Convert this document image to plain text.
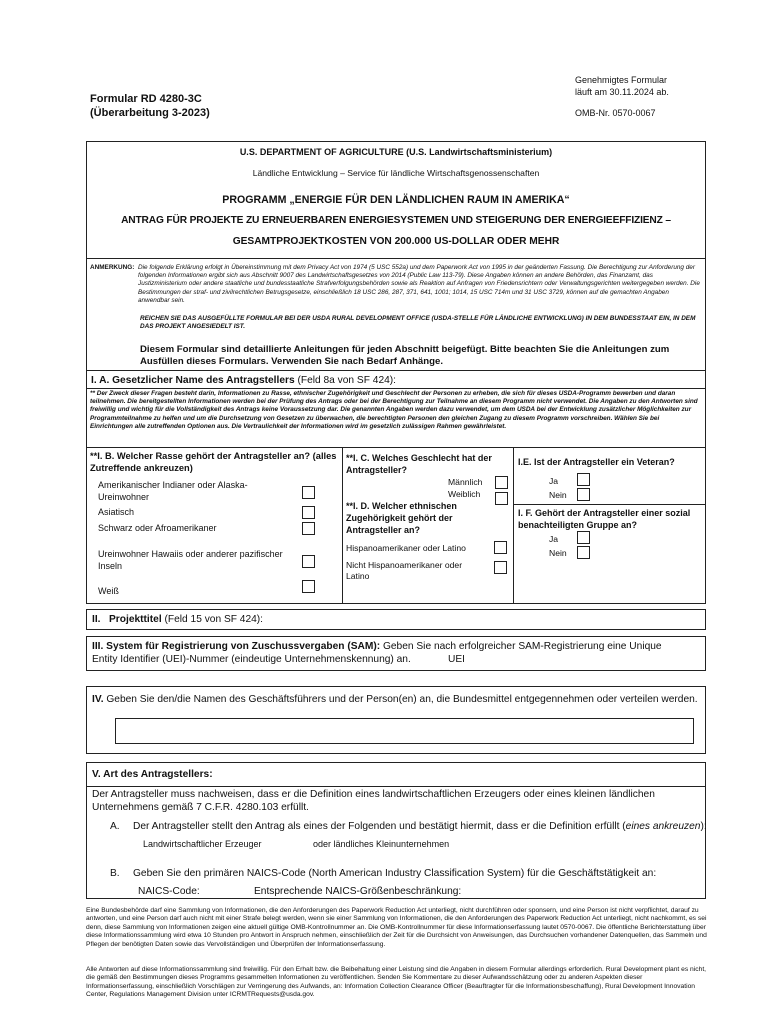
Formular RD 4280-3C
(Überarbeitung 3-2023)
Genehmigtes Formular
läuft am 30.11.2024 ab.
OMB-Nr. 0570-0067
U.S. DEPARTMENT OF AGRICULTURE (U.S. Landwirtschaftsministerium)
Ländliche Entwicklung – Service für ländliche Wirtschaftsgenossenschaften
PROGRAMM „ENERGIE FÜR DEN LÄNDLICHEN RAUM IN AMERIKA“
ANTRAG FÜR PROJEKTE ZU ERNEUERBAREN ENERGIESYSTEMEN UND STEIGERUNG DER ENERGIEEFFIZIENZ –
GESAMTPROJEKTKOSTEN VON 200.000 US-DOLLAR ODER MEHR
ANMERKUNG: Die folgende Erklärung erfolgt in Übereinstimmung mit dem Privacy Act von 1974 (5 USC 552a) und dem Paperwork Act von 1995 in der geänderten Fassung. Die Berechtigung zur Anforderung der folgenden Informationen ergibt sich aus Abschnitt 9007 des Landwirtschaftsgesetzes von 2014 (Public Law 113-79). Diese Angaben können an andere Behörden, das Finanzamt, das Justizministerium oder andere staatliche und bundesstaatliche Strafverfolgungsbehörden sowie als Reaktion auf Anfragen von Friedensrichtern oder Verwaltungsgerichten weitergegeben werden. Die Bestimmungen der straf- und zivilrechtlichen Betrugsgesetze, einschließlich 18 USC 286, 287, 371, 641, 1001; 1014, 15 USC 714m und 31 USC 3729, können auf die gemachten Angaben anwendbar sein.
REICHEN SIE DAS AUSGEFÜLLTE FORMULAR BEI DER USDA RURAL DEVELOPMENT OFFICE (USDA-STELLE FÜR LÄNDLICHE ENTWICKLUNG) IN DEM BUNDESSTAAT EIN, IN DEM DAS PROJEKT ANGESIEDELT IST.
Diesem Formular sind detaillierte Anleitungen für jeden Abschnitt beigefügt. Bitte beachten Sie die Anleitungen zum Ausfüllen dieses Formulars. Verwenden Sie nach Bedarf Anhänge.
I. A. Gesetzlicher Name des Antragstellers (Feld 8a von SF 424):
** Der Zweck dieser Fragen besteht darin, Informationen zu Rasse, ethnischer Zugehörigkeit und Geschlecht der Personen zu erheben, die sich für dieses USDA-Programm bewerben und daran teilnehmen. Die bereitgestellten Informationen werden bei der Prüfung des Antrags oder bei der Berechtigung zur Teilnahme an diesem Programm nicht verwendet. Die Angaben zu den Antworten sind freiwillig und wichtig für die Vollständigkeit des Antrags keine Voraussetzung dar. Die genannten Angaben werden dazu verwendet, um dem USDA bei der Entwicklung zusätzlicher Möglichkeiten zur Programmteilnahme zu helfen und um die Durchsetzung von Gesetzen zu überwachen, die berechtigten Personen den gleichen Zugang zu diesem Programm vorschreiben. Wählen Sie bei Einrichtungen alle zutreffenden Optionen aus. Die Vertraulichkeit der Informationen wird im gesetzlich zulässigen Rahmen gewährleistet.
**I. B. Welcher Rasse gehört der Antragsteller an? (alles Zutreffende ankreuzen)
Amerikanischer Indianer oder Alaska-Ureinwohner
Asiatisch
Schwarz oder Afroamerikaner
Ureinwohner Hawaiis oder anderer pazifischer Inseln
Weiß
**I. C. Welches Geschlecht hat der Antragsteller?
Männlich
Weiblich
**I. D. Welcher ethnischen Zugehörigkeit gehört der Antragsteller an?
Hispanoamerikaner oder Latino
Nicht Hispanoamerikaner oder Latino
I.E. Ist der Antragsteller ein Veteran?
Ja
Nein
I. F. Gehört der Antragsteller einer sozial benachteiligten Gruppe an?
Ja
Nein
II. Projekttitel (Feld 15 von SF 424):
III. System für Registrierung von Zuschussvergaben (SAM): Geben Sie nach erfolgreicher SAM-Registrierung eine Unique Entity Identifier (UEI)-Nummer (eindeutige Unternehmenskennung) an.	UEI
IV. Geben Sie den/die Namen des Geschäftsführers und der Person(en) an, die Bundesmittel entgegennehmen oder verteilen werden.
V. Art des Antragstellers:
Der Antragsteller muss nachweisen, dass er die Definition eines landwirtschaftlichen Erzeugers oder eines kleinen ländlichen Unternehmens gemäß 7 C.F.R. 4280.103 erfüllt.
A. Der Antragsteller stellt den Antrag als eines der Folgenden und bestätigt hiermit, dass er die Definition erfüllt (eines ankreuzen):
Landwirtschaftlicher Erzeuger	oder ländliches Kleinunternehmen
B. Geben Sie den primären NAICS-Code (North American Industry Classification System) für die Geschäftstätigkeit an:
NAICS-Code:	Entsprechende NAICS-Größenbeschränkung:
Eine Bundesbehörde darf eine Sammlung von Informationen, die den Anforderungen des Paperwork Reduction Act unterliegt, nicht durchführen oder sponsern, und eine Person ist nicht verpflichtet, darauf zu antworten, und eine Person darf auch nicht mit einer Strafe belegt werden, wenn sie einer Sammlung von Informationen, die den Anforderungen des Paperwork Reduction Act unterliegt, nicht nachkommt, es sei denn, diese Sammlung von Informationen zeigen eine aktuell gültige OMB-Kontrollnummer an. Die OMB-Kontrollnummer für diese Informationserfassung lautet 0570-0067. Die öffentliche Berichterstattung über diese Informationssammlung wird etwa 10 Stunden pro Antwort in Anspruch nehmen, einschließlich der Zeit für die Durchsicht von Anweisungen, das Durchsuchen vorhandener Datenquellen, das Sammeln und Pflegen der benötigten Daten sowie das Vervollständigen und Überprüfen der Informationserfassung.
Alle Antworten auf diese Informationssammlung sind freiwillig. Für den Erhalt bzw. die Beibehaltung einer Leistung sind die Angaben in diesem Formular allerdings erforderlich. Rural Development plant es nicht, die gemäß den Bestimmungen dieses Programms gesammelten Informationen zu veröffentlichen. Senden Sie Kommentare zu dieser Aufwandsschätzung oder zu anderen Aspekten dieser Informationserfassung, einschließlich Vorschlägen zur Verringerung des Aufwands, an: Information Collection Clearance Officer (Beauftragter für die Informationsbeschaffung), Rural Development Innovation Center, Regulations Management Division unter ICRMTRequests@usda.gov.
